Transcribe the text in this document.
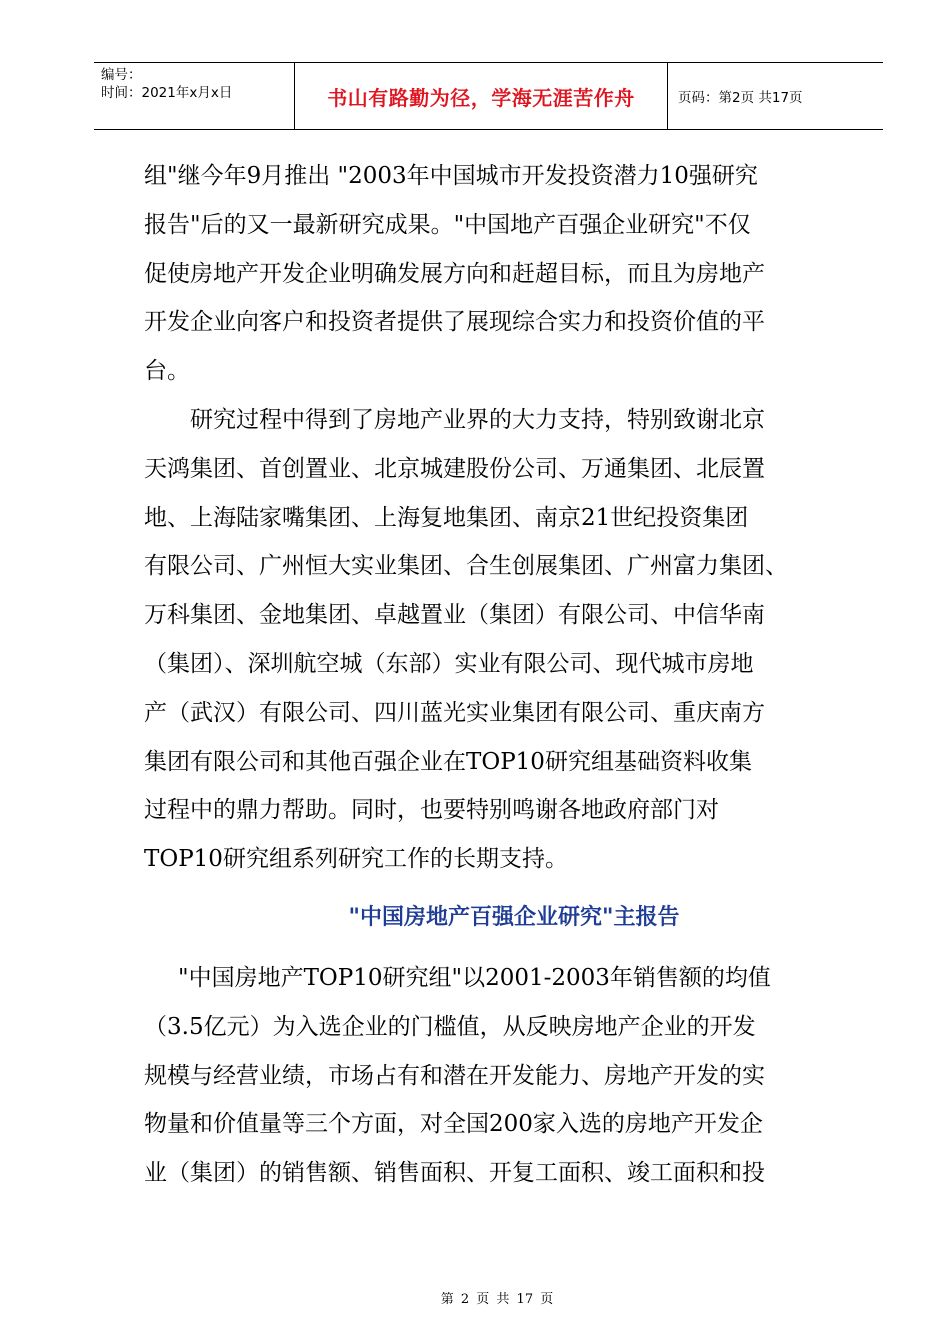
编号：
时间：2021年x月x日	书山有路勤为径，学海无涯苦作舟	页码：第2页 共17页
组"继今年9月推出 "2003年中国城市开发投资潜力10强研究
报告"后的又一最新研究成果。"中国地产百强企业研究"不仅
促使房地产开发企业明确发展方向和赶超目标，而且为房地产
开发企业向客户和投资者提供了展现综合实力和投资价值的平
台。
研究过程中得到了房地产业界的大力支持，特别致谢北京
天鸿集团、首创置业、北京城建股份公司、万通集团、北辰置
地、上海陆家嘴集团、上海复地集团、南京21世纪投资集团
有限公司、广州恒大实业集团、合生创展集团、广州富力集团、
万科集团、金地集团、卓越置业（集团）有限公司、中信华南
（集团）、深圳航空城（东部）实业有限公司、现代城市房地
产（武汉）有限公司、四川蓝光实业集团有限公司、重庆南方
集团有限公司和其他百强企业在TOP10研究组基础资料收集
过程中的鼎力帮助。同时，也要特别鸣谢各地政府部门对
TOP10研究组系列研究工作的长期支持。
"中国房地产百强企业研究"主报告
"中国房地产TOP10研究组"以2001-2003年销售额的均值
（3.5亿元）为入选企业的门槛值，从反映房地产企业的开发
规模与经营业绩，市场占有和潜在开发能力、房地产开发的实
物量和价值量等三个方面，对全国200家入选的房地产开发企
业（集团）的销售额、销售面积、开复工面积、竣工面积和投
第 2 页 共 17 页
